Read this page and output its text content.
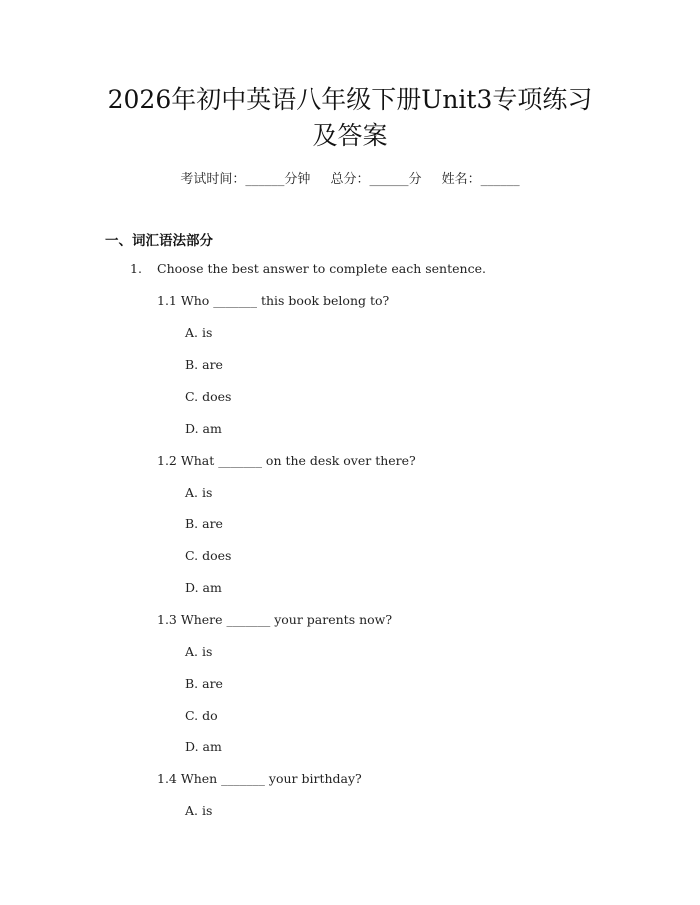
2026年初中英语八年级下册Unit3专项练习
及答案
考试时间：______分钟 总分：______分 姓名：______
一、词汇语法部分
1. Choose the best answer to complete each sentence.
1.1 Who _______ this book belong to?
A. is
B. are
C. does
D. am
1.2 What _______ on the desk over there?
A. is
B. are
C. does
D. am
1.3 Where _______ your parents now?
A. is
B. are
C. do
D. am
1.4 When _______ your birthday?
A. is
